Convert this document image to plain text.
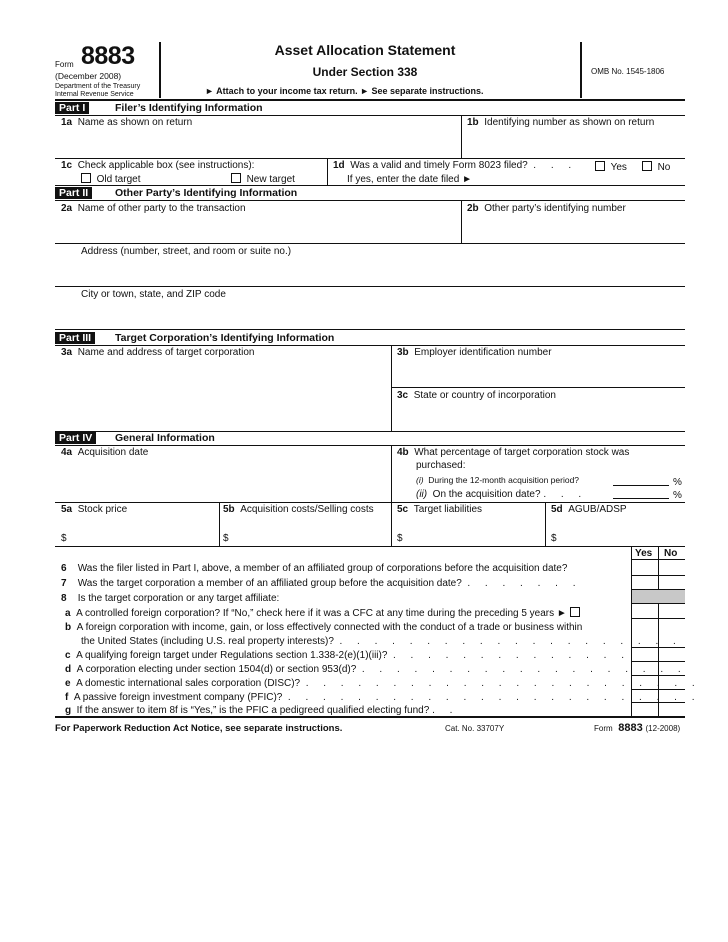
Form 8883
(December 2008)
Department of the Treasury
Internal Revenue Service
Asset Allocation Statement
Under Section 338
► Attach to your income tax return. ► See separate instructions.
OMB No. 1545-1806
Part I	Filer’s Identifying Information
1a Name as shown on return	1b Identifying number as shown on return
1c Check applicable box (see instructions):
Old target	New target
1d Was a valid and timely Form 8023 filed? . . .	Yes	No
If yes, enter the date filed ►
Part II	Other Party’s Identifying Information
2a Name of other party to the transaction	2b Other party’s identifying number
Address (number, street, and room or suite no.)
City or town, state, and ZIP code
Part III	Target Corporation’s Identifying Information
3a Name and address of target corporation	3b Employer identification number
3c State or country of incorporation
Part IV	General Information
4a Acquisition date	4b What percentage of target corporation stock was
purchased:
(i) During the 12-month acquisition period?	%
(ii) On the acquisition date? . . .	%
5a Stock price	5b Acquisition costs/Selling costs 5c Target liabilities	5d AGUB/ADSP
$	$	$	$
Yes No
6 Was the filer listed in Part I, above, a member of an affiliated group of corporations before the acquisition date?
7 Was the target corporation a member of an affiliated group before the acquisition date? . . . . . . .
8 Is the target corporation or any target affiliate:
a A controlled foreign corporation? If “No,” check here if it was a CFC at any time during the preceding 5 years ►
b A foreign corporation with income, gain, or loss effectively connected with the conduct of a trade or business within
the United States (including U.S. real property interests)? . . . . . . . . . . . . . . . . . . . .
c A qualifying foreign target under Regulations section 1.338-2(e)(1)(iii)? . . . . . . . . . . . . . .
d A corporation electing under section 1504(d) or section 953(d)? . . . . . . . . . . . . . . . . . . .
e A domestic international sales corporation (DISC)? . . . . . . . . . . . . . . . . . . . . . . .
f A passive foreign investment company (PFIC)? . . . . . . . . . . . . . . . . . . . . . . . .
g If the answer to item 8f is “Yes,” is the PFIC a pedigreed qualified electing fund? . .
For Paperwork Reduction Act Notice, see separate instructions.	Cat. No. 33707Y	Form 8883 (12-2008)
